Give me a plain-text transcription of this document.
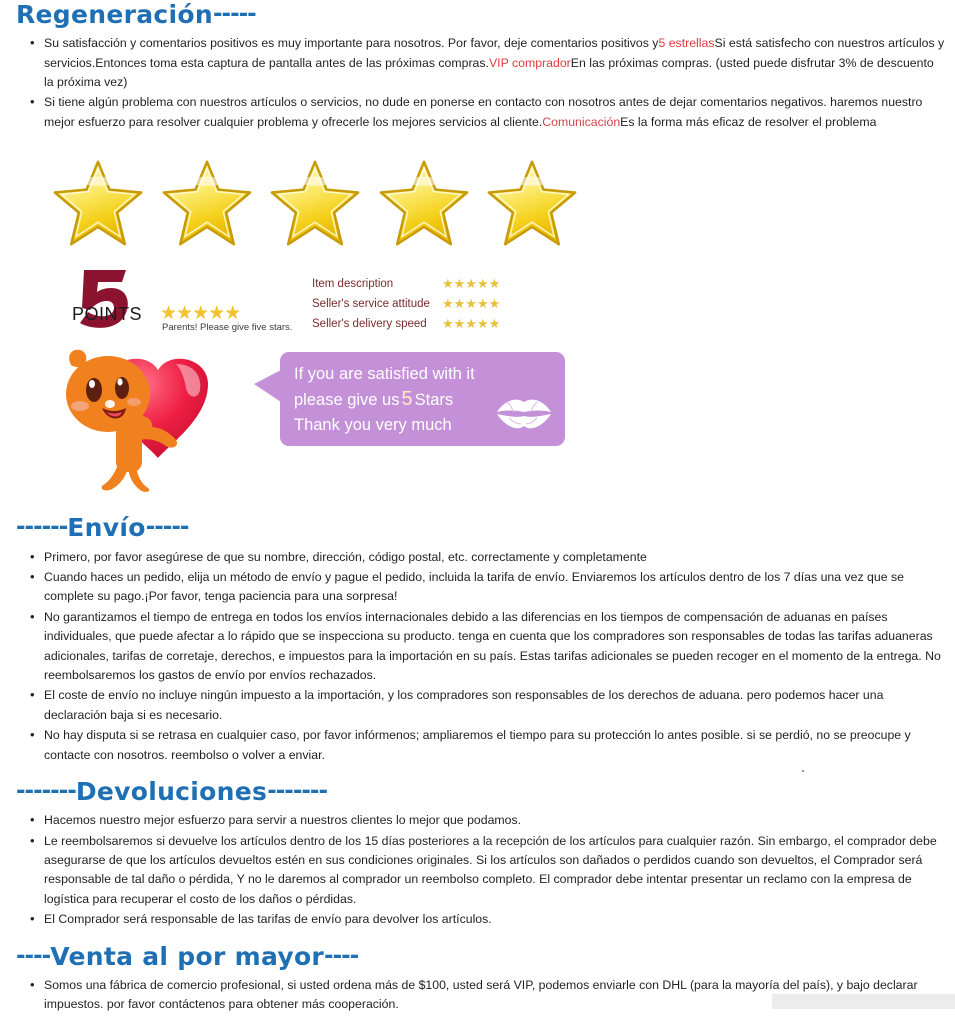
Regeneración-----
• Su satisfacción y comentarios positivos es muy importante para nosotros. Por favor, deje comentarios positivos y5 estrellasSi está satisfecho con nuestros artículos y servicios.Entonces toma esta captura de pantalla antes de las próximas compras.VIP compradorEn las próximas compras. (usted puede disfrutar 3% de descuento la próxima vez)
• Si tiene algún problema con nuestros artículos o servicios, no dude en ponerse en contacto con nosotros antes de dejar comentarios negativos. haremos nuestro mejor esfuerzo para resolver cualquier problema y ofrecerle los mejores servicios al cliente.ComunicaciónEs la forma más eficaz de resolver el problema
POINTS ★★★★★
Parents! Please give five stars.
Item description	★★★★★
Seller's service attitude ★★★★★
Seller's delivery speed	★★★★★
If you are satisfied with it
please give us 5 Stars
Thank you very much
------Envío-----
• Primero, por favor asegúrese de que su nombre, dirección, código postal, etc. correctamente y completamente
• Cuando haces un pedido, elija un método de envío y pague el pedido, incluida la tarifa de envío. Enviaremos los artículos dentro de los 7 días una vez que se complete su pago.¡Por favor, tenga paciencia para una sorpresa!
• No garantizamos el tiempo de entrega en todos los envíos internacionales debido a las diferencias en los tiempos de compensación de aduanas en países individuales, que puede afectar a lo rápido que se inspecciona su producto. tenga en cuenta que los compradores son responsables de todas las tarifas aduaneras adicionales, tarifas de corretaje, derechos, e impuestos para la importación en su país. Estas tarifas adicionales se pueden recoger en el momento de la entrega. No reembolsaremos los gastos de envío por envíos rechazados.
• El coste de envío no incluye ningún impuesto a la importación, y los compradores son responsables de los derechos de aduana. pero podemos hacer una declaración baja si es necesario.
• No hay disputa si se retrasa en cualquier caso, por favor infórmenos; ampliaremos el tiempo para su protección lo antes posible. si se perdió, no se preocupe y contacte con nosotros. reembolso o volver a enviar.
-------Devoluciones-------
• Hacemos nuestro mejor esfuerzo para servir a nuestros clientes lo mejor que podamos.
• Le reembolsaremos si devuelve los artículos dentro de los 15 días posteriores a la recepción de los artículos para cualquier razón. Sin embargo, el comprador debe asegurarse de que los artículos devueltos estén en sus condiciones originales. Si los artículos son dañados o perdidos cuando son devueltos, el Comprador será responsable de tal daño o pérdida, Y no le daremos al comprador un reembolso completo. El comprador debe intentar presentar un reclamo con la empresa de logística para recuperar el costo de los daños o pérdidas.
• El Comprador será responsable de las tarifas de envío para devolver los artículos.
----Venta al por mayor----
• Somos una fábrica de comercio profesional, si usted ordena más de $100, usted será VIP, podemos enviarle con DHL (para la mayoría del país), y bajo declarar impuestos. por favor contáctenos para obtener más cooperación.
